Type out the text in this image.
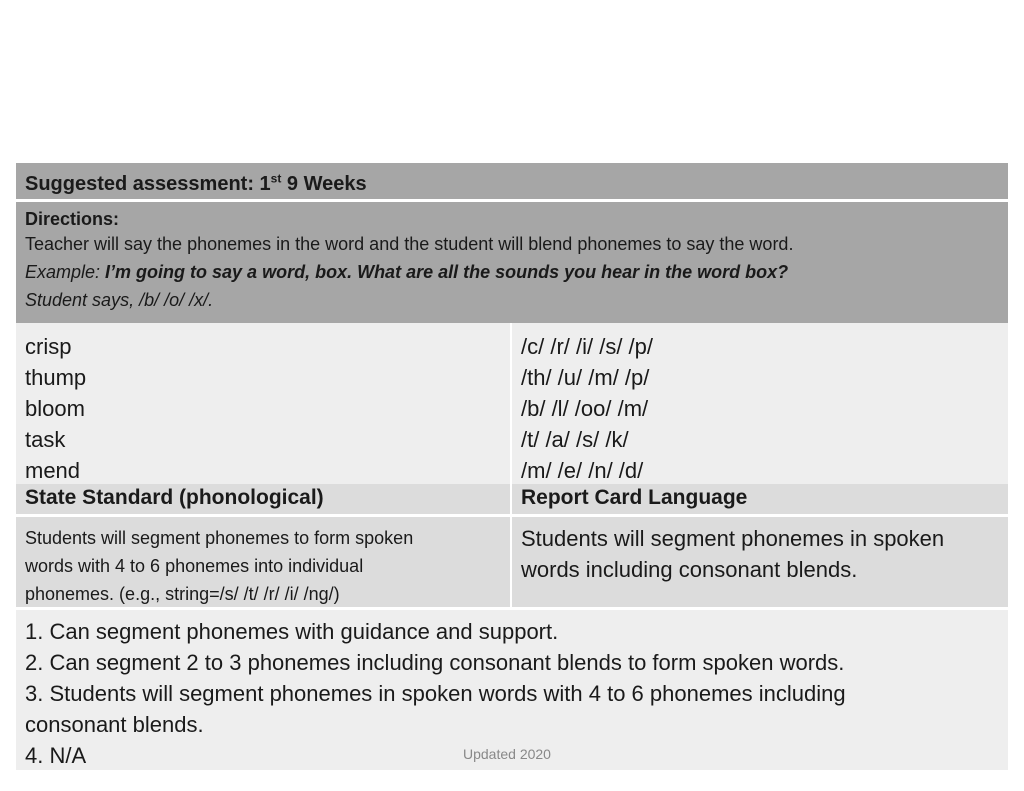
Suggested assessment: 1st 9 Weeks
Directions:
Teacher will say the phonemes in the word and the student will blend phonemes to say the word.
Example: I’m going to say a word, box. What are all the sounds you hear in the word box?
Student says, /b/ /o/ /x/.
crisp
thump
bloom
task
mend
/c/ /r/ /i/ /s/ /p/
/th/ /u/ /m/ /p/
/b/ /l/ /oo/ /m/
/t/ /a/ /s/ /k/
/m/ /e/ /n/ /d/
State Standard (phonological)	Report Card Language
Students will segment phonemes to form spoken
words with 4 to 6 phonemes into individual
phonemes. (e.g., string=/s/ /t/ /r/ /i/ /ng/)
Students will segment phonemes in spoken
words including consonant blends.
1. Can segment phonemes with guidance and support.
2. Can segment 2 to 3 phonemes including consonant blends to form spoken words.
3. Students will segment phonemes in spoken words with 4 to 6 phonemes including
consonant blends.
4. N/A	Updated 2020
